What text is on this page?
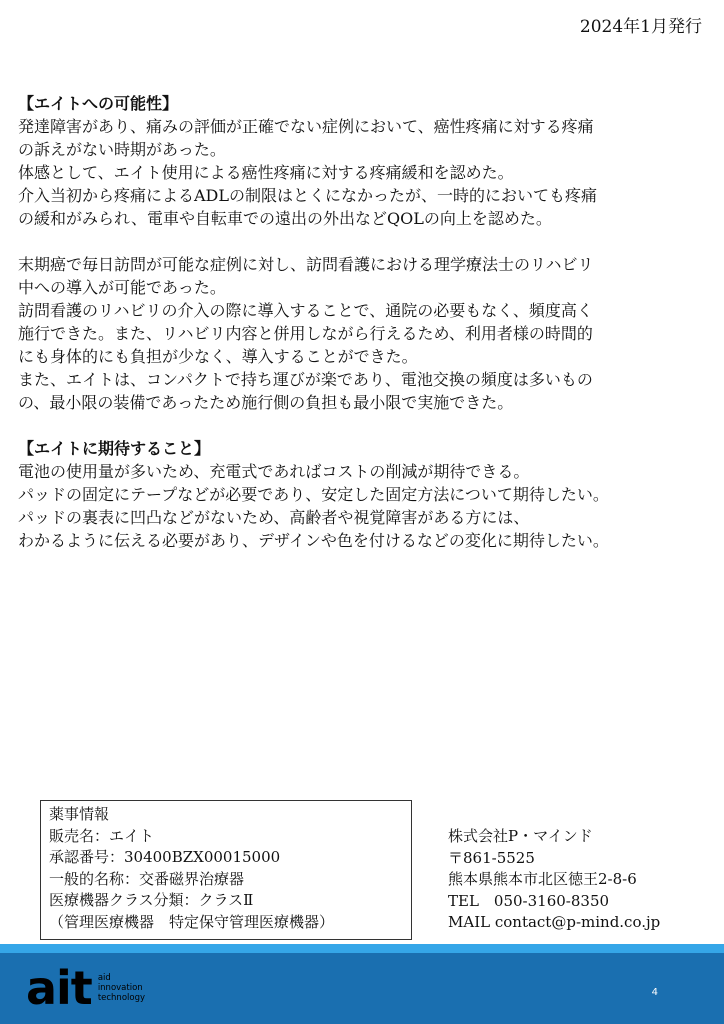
2024年1月発行

【エイトへの可能性】

発達障害があり、痛みの評価が正確でない症例において、癌性疼痛に対する疼痛

の訴えがない時期があった。

体感として、エイト使用による癌性疼痛に対する疼痛緩和を認めた。

介入当初から疼痛によるADLの制限はとくになかったが、一時的においても疼痛

の緩和がみられ、電車や自転車での遠出の外出などQOLの向上を認めた。

末期癌で毎日訪問が可能な症例に対し、訪問看護における理学療法士のリハビリ

中への導入が可能であった。

訪問看護のリハビリの介入の際に導入することで、通院の必要もなく、頻度高く

施行できた。また、リハビリ内容と併用しながら行えるため、利用者様の時間的

にも身体的にも負担が少なく、導入することができた。

また、エイトは、コンパクトで持ち運びが楽であり、電池交換の頻度は多いもの

の、最小限の装備であったため施行側の負担も最小限で実施できた。

【エイトに期待すること】

電池の使用量が多いため、充電式であればコストの削減が期待できる。

パッドの固定にテープなどが必要であり、安定した固定方法について期待したい。

パッドの裏表に凹凸などがないため、高齢者や視覚障害がある方には、

わかるように伝える必要があり、デザインや色を付けるなどの変化に期待したい。

薬事情報
販売名：エイト
承認番号：30400BZX00015000
一般的名称：交番磁界治療器
医療機器クラス分類：クラスⅡ
（管理医療機器　特定保守管理医療機器）
株式会社P・マインド
〒861-5525
熊本県熊本市北区徳王2-8-6
TEL　050-3160-8350
MAIL contact@p-mind.co.jp
ait aid
innovation
technology	4
